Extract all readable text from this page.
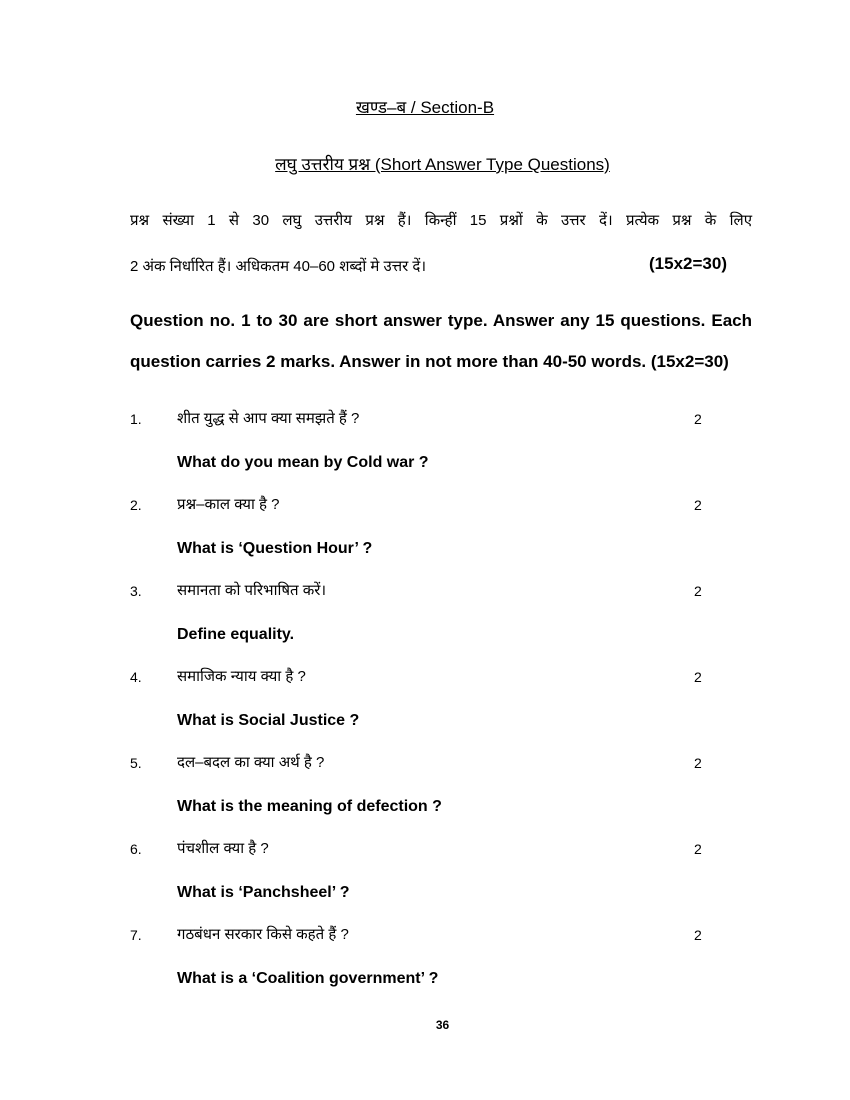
खण्ड–ब / Section-B
लघु उत्तरीय प्रश्न (Short Answer Type Questions)
प्रश्न संख्या 1 से 30 लघु उत्तरीय प्रश्न हैं। किन्हीं 15 प्रश्नों के उत्तर दें। प्रत्येक प्रश्न के लिए
2 अंक निर्धारित हैं। अधिकतम 40–60 शब्दों मे उत्तर दें।	(15x2=30)
Question no. 1 to 30 are short answer type. Answer any 15 questions. Each
question carries 2 marks. Answer in not more than 40-50 words. (15x2=30)
1. शीत युद्ध से आप क्या समझते हैं ?	2
What do you mean by Cold war ?
2. प्रश्न–काल क्या है ?	2
What is ‘Question Hour’ ?
3. समानता को परिभाषित करें।	2
Define equality.
4. समाजिक न्याय क्या है ?	2
What is Social Justice ?
5. दल–बदल का क्या अर्थ है ?	2
What is the meaning of defection ?
6. पंचशील क्या है ?	2
What is ‘Panchsheel’ ?
7. गठबंधन सरकार किसे कहते हैं ?	2
What is a ‘Coalition government’ ?
36
